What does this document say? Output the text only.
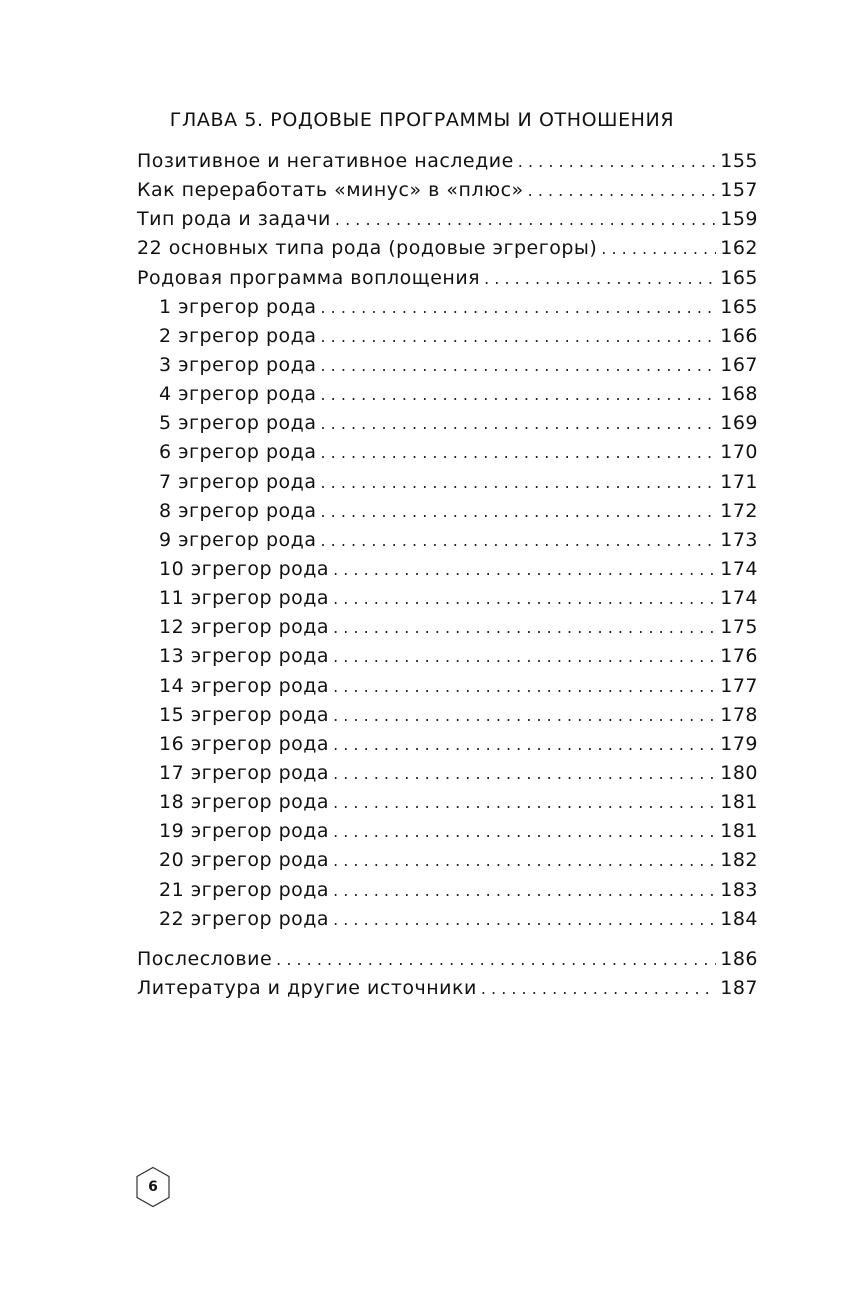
ГЛАВА 5. РОДОВЫЕ ПРОГРАММЫ И ОТНОШЕНИЯ
Позитивное и негативное наследие . . .	155
Как переработать «минус» в «плюс» . . .	157
Тип рода и задачи . . .	159
22 основных типа рода (родовые эгрегоры) . . .	162
Родовая программа воплощения . . .	165
1 эгрегор рода . . .	165
2 эгрегор рода . . .	166
3 эгрегор рода . . .	167
4 эгрегор рода . . .	168
5 эгрегор рода . . .	169
6 эгрегор рода . . .	170
7 эгрегор рода . . .	171
8 эгрегор рода . . .	172
9 эгрегор рода . . .	173
10 эгрегор рода . . .	174
11 эгрегор рода . . .	174
12 эгрегор рода . . .	175
13 эгрегор рода . . .	176
14 эгрегор рода . . .	177
15 эгрегор рода . . .	178
16 эгрегор рода . . .	179
17 эгрегор рода . . .	180
18 эгрегор рода . . .	181
19 эгрегор рода . . .	181
20 эгрегор рода . . .	182
21 эгрегор рода . . .	183
22 эгрегор рода . . .	184
Послесловие . . .	186
Литература и другие источники . . .	187
6
